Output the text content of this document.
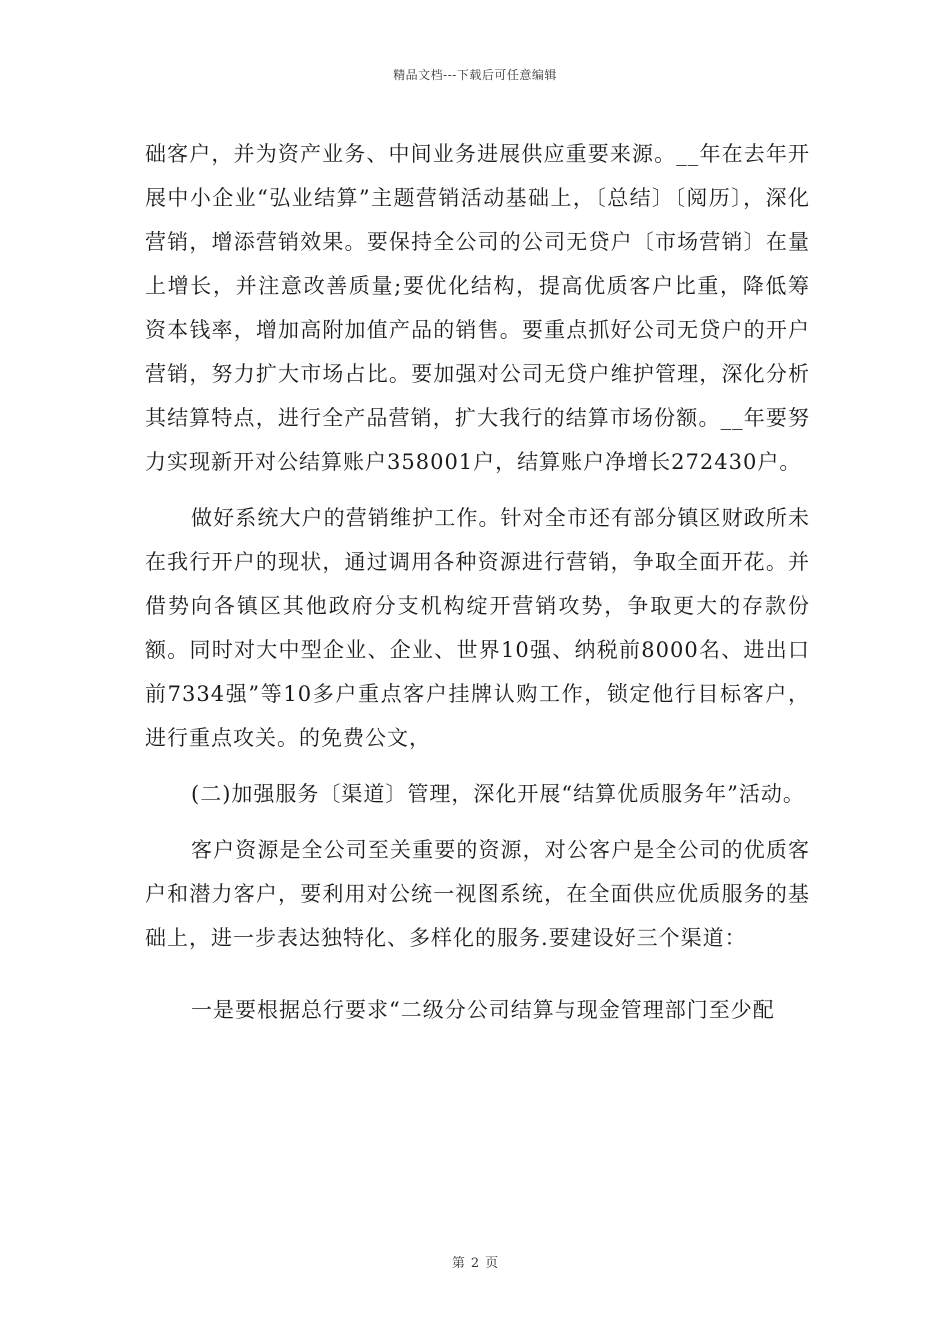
精品文档---下载后可任意编辑

础客户，并为资产业务、中间业务进展供应重要来源。__年在去年开展中小企业“弘业结算”主题营销活动基础上，〔总结〕〔阅历〕，深化营销，增添营销效果。要保持全公司的公司无贷户〔市场营销〕在量上增长，并注意改善质量;要优化结构，提高优质客户比重，降低筹资本钱率，增加高附加值产品的销售。要重点抓好公司无贷户的开户营销，努力扩大市场占比。要加强对公司无贷户维护管理，深化分析其结算特点，进行全产品营销，扩大我行的结算市场份额。__年要努力实现新开对公结算账户358001户，结算账户净增长272430户。

做好系统大户的营销维护工作。针对全市还有部分镇区财政所未在我行开户的现状，通过调用各种资源进行营销，争取全面开花。并借势向各镇区其他政府分支机构绽开营销攻势，争取更大的存款份额。同时对大中型企业、企业、世界10强、纳税前8000名、进出口前7334强”等10多户重点客户挂牌认购工作，锁定他行目标客户，进行重点攻关。的免费公文，

(二)加强服务〔渠道〕管理，深化开展“结算优质服务年”活动。

客户资源是全公司至关重要的资源，对公客户是全公司的优质客户和潜力客户，要利用对公统一视图系统，在全面供应优质服务的基础上，进一步表达独特化、多样化的服务.要建设好三个渠道：

一是要根据总行要求“二级分公司结算与现金管理部门至少配

第 2 页
